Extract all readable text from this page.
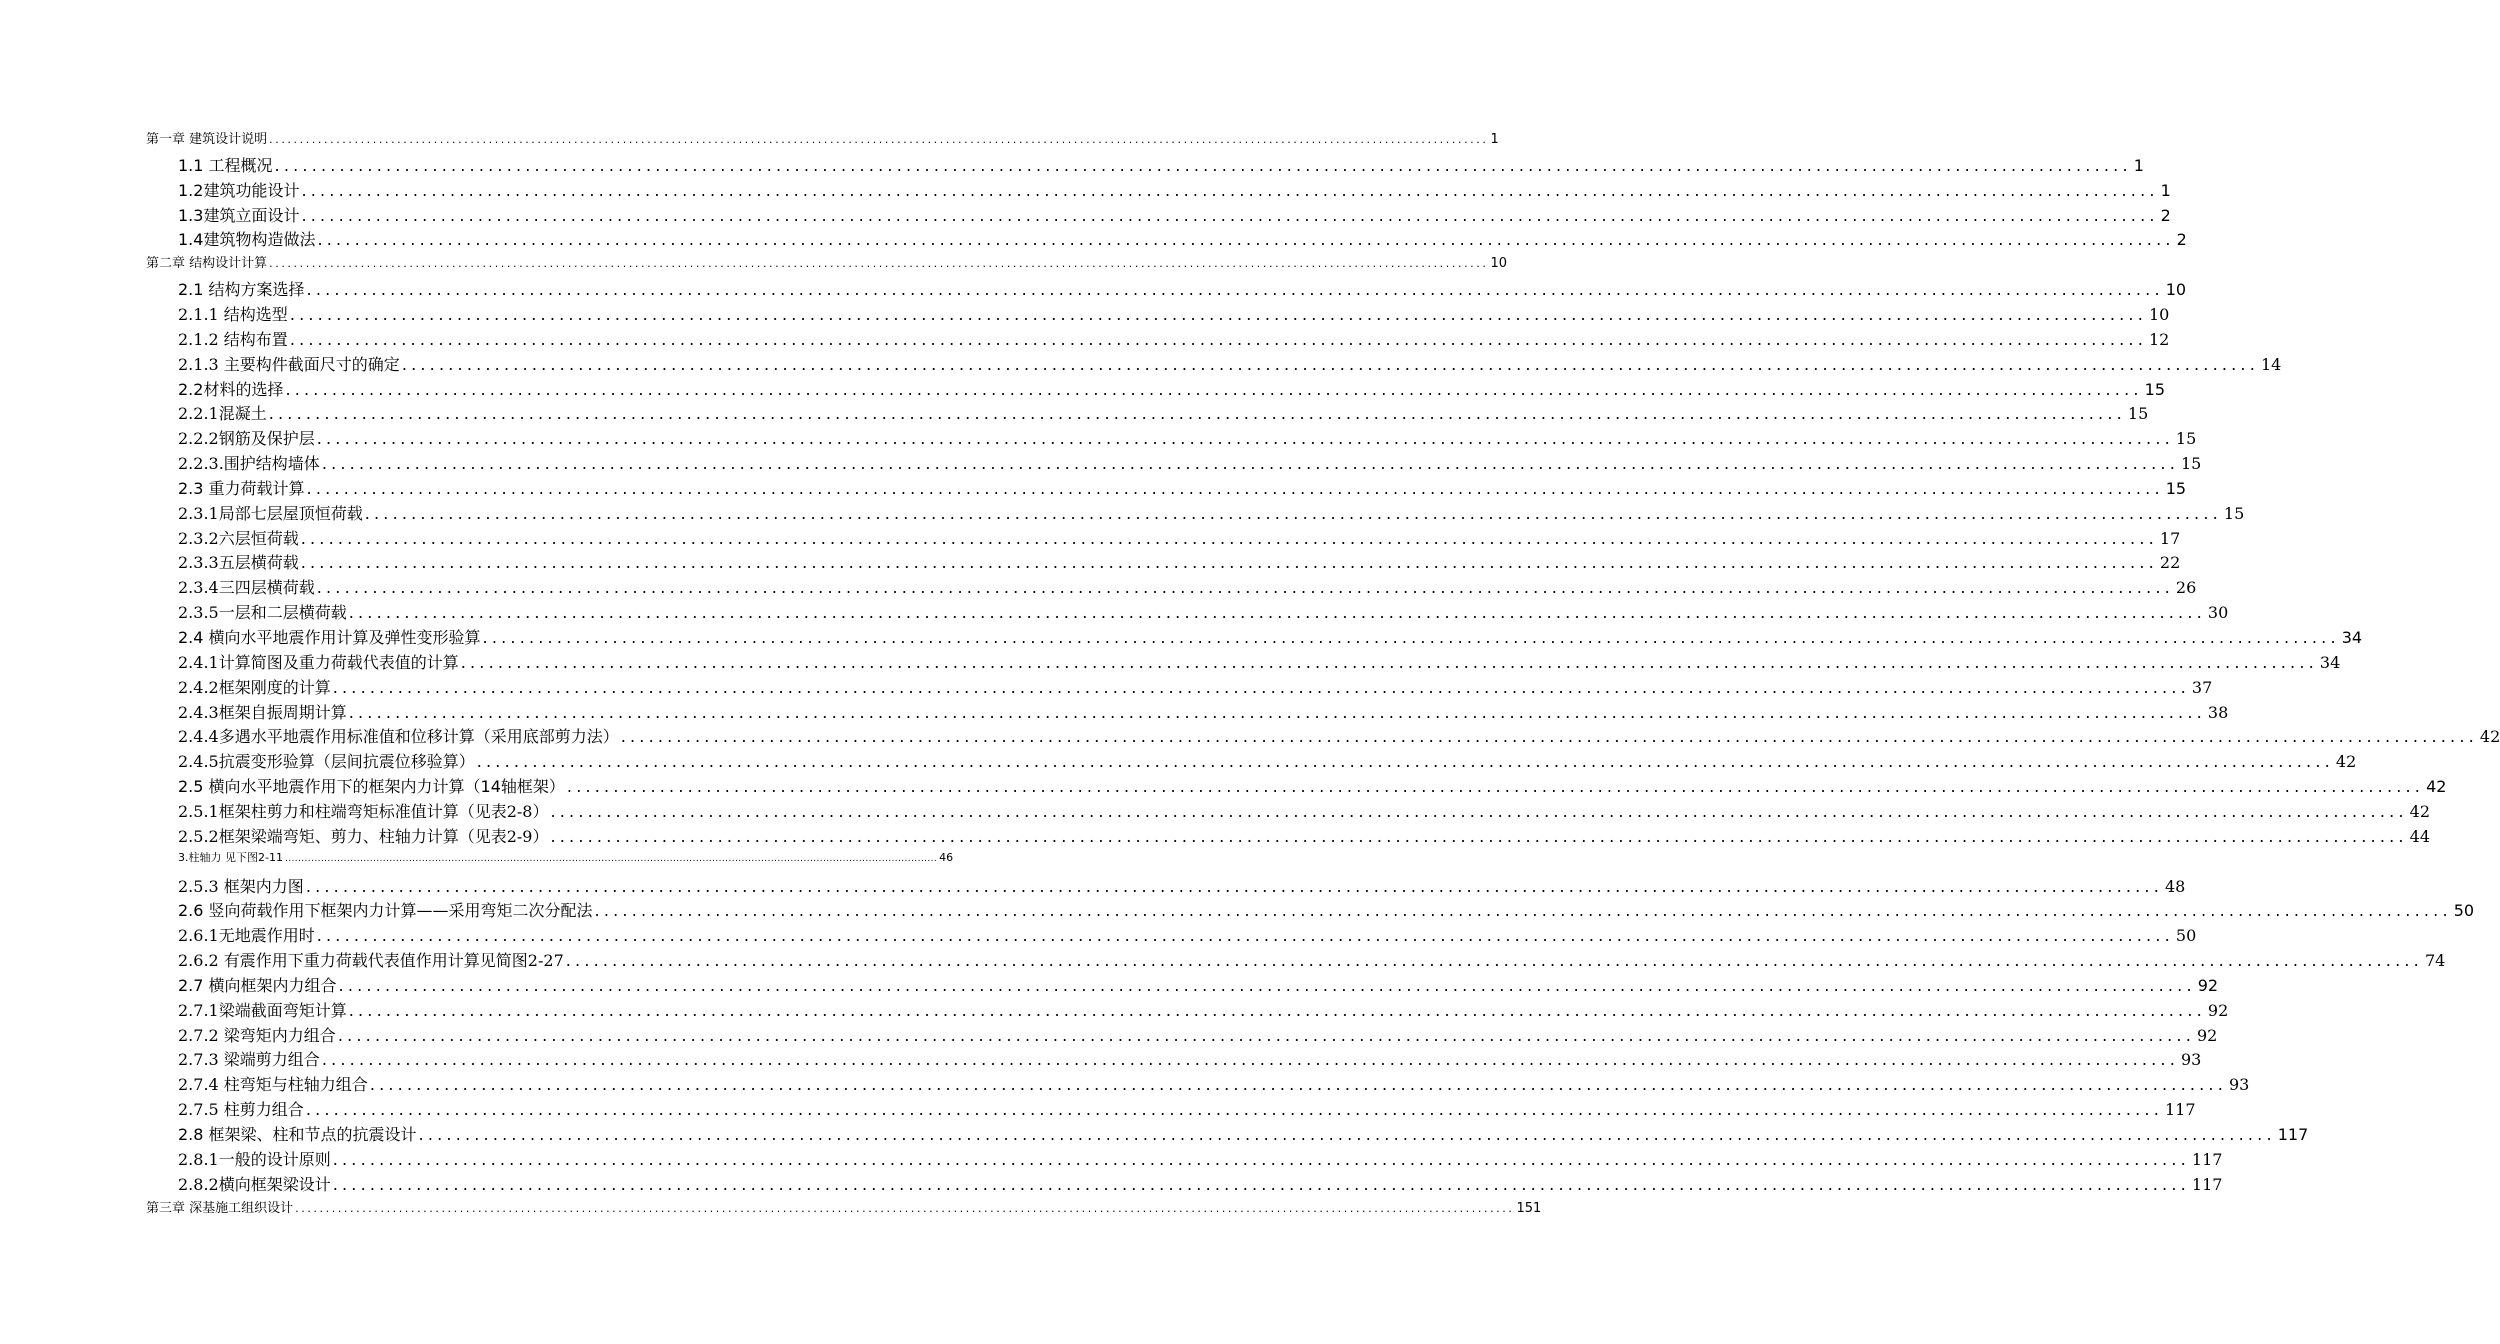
第一章 建筑设计说明 ........................................................................................................................................................................................................ 1
1.1 工程概况 ........................................................................................................................................................................................................ 1
1.2建筑功能设计 ........................................................................................................................................................................................................ 1
1.3建筑立面设计 ........................................................................................................................................................................................................ 2
1.4建筑物构造做法 ........................................................................................................................................................................................................ 2
第二章 结构设计计算 ........................................................................................................................................................................................................ 10
2.1 结构方案选择 ........................................................................................................................................................................................................ 10
2.1.1 结构选型 ........................................................................................................................................................................................................ 10
2.1.2 结构布置 ........................................................................................................................................................................................................ 12
2.1.3 主要构件截面尺寸的确定 ........................................................................................................................................................................................................ 14
2.2材料的选择 ........................................................................................................................................................................................................ 15
2.2.1混凝土 ........................................................................................................................................................................................................ 15
2.2.2钢筋及保护层 ........................................................................................................................................................................................................ 15
2.2.3.围护结构墙体 ........................................................................................................................................................................................................ 15
2.3 重力荷载计算 ........................................................................................................................................................................................................ 15
2.3.1局部七层屋顶恒荷载 ........................................................................................................................................................................................................ 15
2.3.2六层恒荷载 ........................................................................................................................................................................................................ 17
2.3.3五层横荷载 ........................................................................................................................................................................................................ 22
2.3.4三四层横荷载 ........................................................................................................................................................................................................ 26
2.3.5一层和二层横荷载 ........................................................................................................................................................................................................ 30
2.4 横向水平地震作用计算及弹性变形验算 ........................................................................................................................................................................................................ 34
2.4.1计算简图及重力荷载代表值的计算 ........................................................................................................................................................................................................ 34
2.4.2框架刚度的计算 ........................................................................................................................................................................................................ 37
2.4.3框架自振周期计算 ........................................................................................................................................................................................................ 38
2.4.4多遇水平地震作用标准值和位移计算（采用底部剪力法） ........................................................................................................................................................................................................ 42
2.4.5抗震变形验算（层间抗震位移验算） ........................................................................................................................................................................................................ 42
2.5 横向水平地震作用下的框架内力计算（14轴框架） ........................................................................................................................................................................................................ 42
2.5.1框架柱剪力和柱端弯矩标准值计算（见表2-8） ........................................................................................................................................................................................................ 42
2.5.2框架梁端弯矩、剪力、柱轴力计算（见表2-9） ........................................................................................................................................................................................................ 44
3.柱轴力 见下图2-11 ........................................................................................................................................................................................................ 46
2.5.3 框架内力图 ........................................................................................................................................................................................................ 48
2.6 竖向荷载作用下框架内力计算——采用弯矩二次分配法 ........................................................................................................................................................................................................ 50
2.6.1无地震作用时 ........................................................................................................................................................................................................ 50
2.6.2 有震作用下重力荷载代表值作用计算见简图2-27 ........................................................................................................................................................................................................ 74
2.7 横向框架内力组合 ........................................................................................................................................................................................................ 92
2.7.1梁端截面弯矩计算 ........................................................................................................................................................................................................ 92
2.7.2 梁弯矩内力组合 ........................................................................................................................................................................................................ 92
2.7.3 梁端剪力组合 ........................................................................................................................................................................................................ 93
2.7.4 柱弯矩与柱轴力组合 ........................................................................................................................................................................................................ 93
2.7.5 柱剪力组合 ........................................................................................................................................................................................................ 117
2.8 框架梁、柱和节点的抗震设计 ........................................................................................................................................................................................................ 117
2.8.1一般的设计原则 ........................................................................................................................................................................................................ 117
2.8.2横向框架梁设计 ........................................................................................................................................................................................................ 117
第三章 深基施工组织设计 ........................................................................................................................................................................................................ 151
